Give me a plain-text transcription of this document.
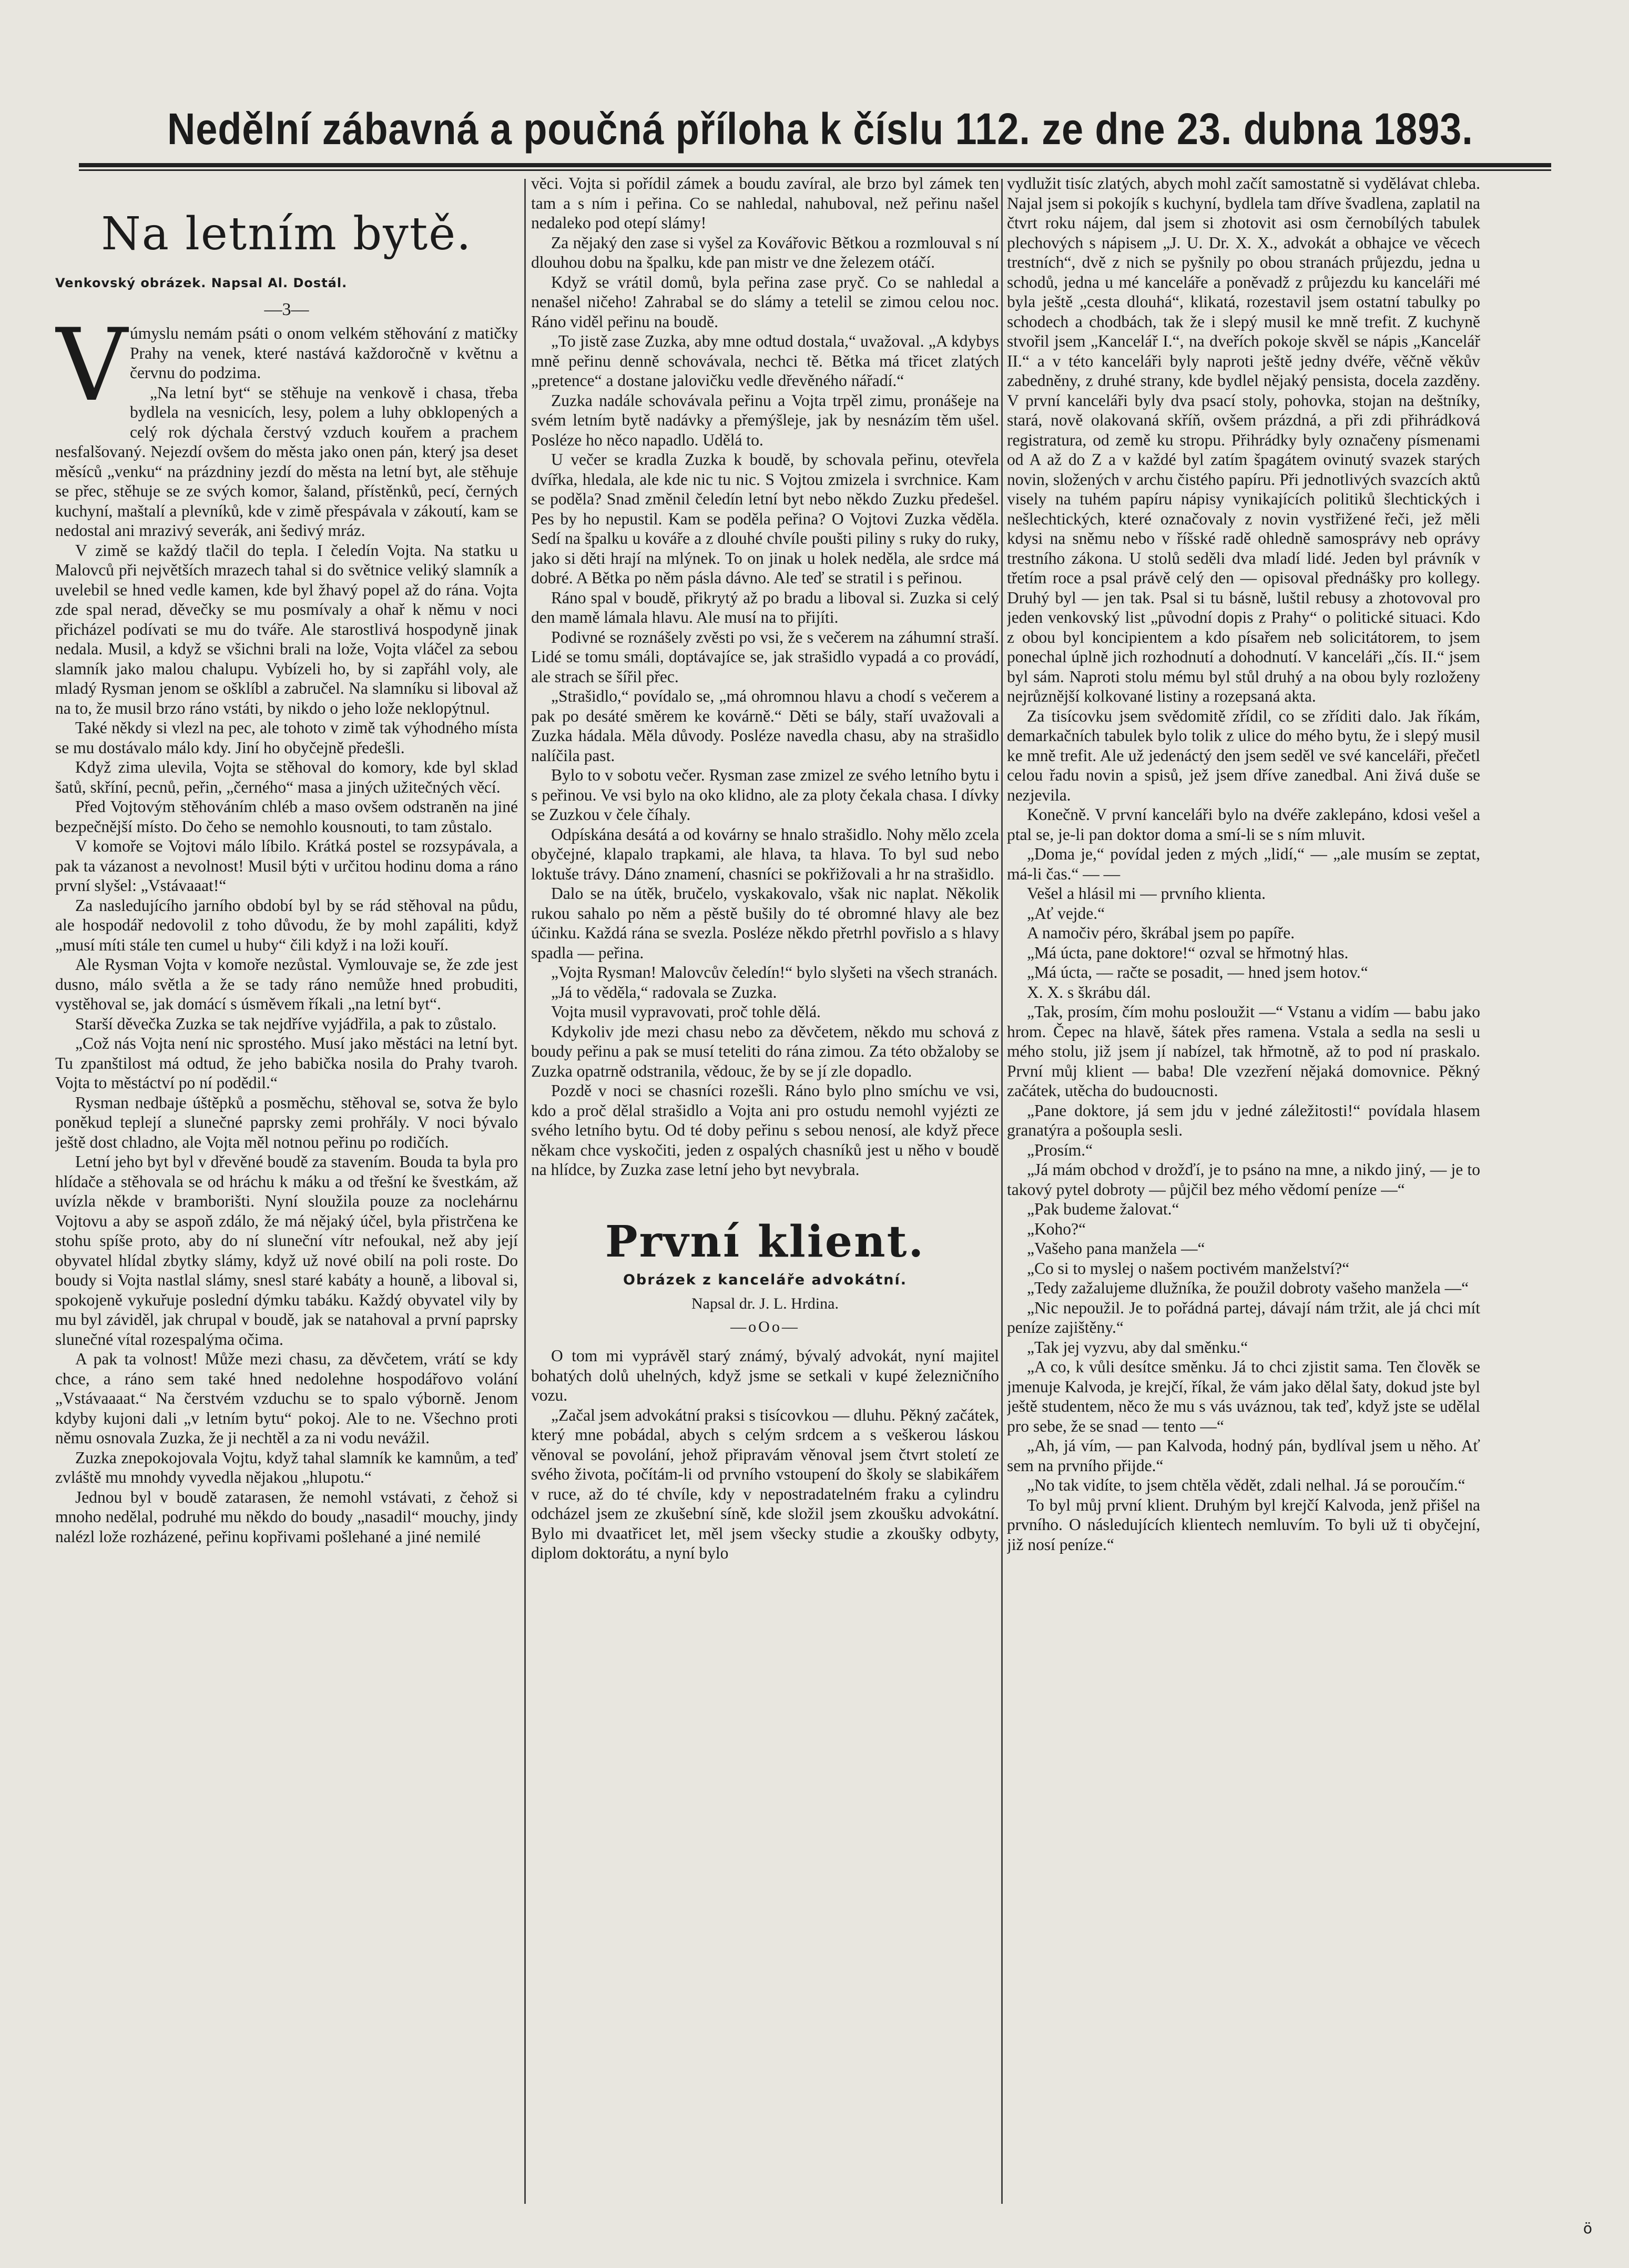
Nedělní zábavná a poučná příloha k číslu 112. ze dne 23. dubna 1893.
Na letním bytě.
Venkovský obrázek. Napsal Al. Dostál.
—3—
V úmyslu nemám psáti o onom velkém stěhování z matičky Prahy na venek, které nastává každoročně v květnu a červnu do podzima.

„Na letní byt“ se stěhuje na venkově i chasa, třeba bydlela na vesnicích, lesy, polem a luhy obklopených a celý rok dýchala čerstvý vzduch kouřem a prachem nesfalšovaný. Nejezdí ovšem do města jako onen pán, který jsa deset měsíců „venku“ na prázdniny jezdí do města na letní byt, ale stěhuje se přec, stěhuje se ze svých komor, šaland, přístěnků, pecí, černých kuchyní, maštalí a plevníků, kde v zimě přespávala v zákoutí, kam se nedostal ani mrazivý severák, ani šedivý mráz.

V zimě se každý tlačil do tepla. I čeledín Vojta. Na statku u Malovců při největších mrazech tahal si do světnice veliký slamník a uvelebil se hned vedle kamen, kde byl žhavý popel až do rána. Vojta zde spal nerad, děvečky se mu posmívaly a ohař k němu v noci přicházel podívati se mu do tváře. Ale starostlivá hospodyně jinak nedala. Musil, a když se všichni brali na lože, Vojta vláčel za sebou slamník jako malou chalupu. Vybízeli ho, by si zapřáhl voly, ale mladý Rysman jenom se ošklíbl a zabručel. Na slamníku si liboval až na to, že musil brzo ráno vstáti, by nikdo o jeho lože neklopýtnul.

Také někdy si vlezl na pec, ale tohoto v zimě tak výhodného místa se mu dostávalo málo kdy. Jiní ho obyčejně předešli.

Když zima ulevila, Vojta se stěhoval do komory, kde byl sklad šatů, skříní, pecnů, peřin, „černého“ masa a jiných užitečných věcí.

Před Vojtovým stěhováním chléb a maso ovšem odstraněn na jiné bezpečnější místo. Do čeho se nemohlo kousnouti, to tam zůstalo.

V komoře se Vojtovi málo líbilo. Krátká postel se rozsypávala, a pak ta vázanost a nevolnost! Musil býti v určitou hodinu doma a ráno první slyšel: „Vstávaaat!“

Za nasledujícího jarního období byl by se rád stěhoval na půdu, ale hospodář nedovolil z toho důvodu, že by mohl zapáliti, když „musí míti stále ten cumel u huby“ čili když i na loži kouří.

Ale Rysman Vojta v komoře nezůstal. Vymlouvaje se, že zde jest dusno, málo světla a že se tady ráno nemůže hned probuditi, vystěhoval se, jak domácí s úsměvem říkali „na letní byt“.

Starší děvečka Zuzka se tak nejdříve vyjádřila, a pak to zůstalo.

„Což nás Vojta není nic sprostého. Musí jako městáci na letní byt. Tu zpanštilost má odtud, že jeho babička nosila do Prahy tvaroh. Vojta to městáctví po ní podědil.“

Rysman nedbaje úštěpků a posměchu, stěhoval se, sotva že bylo poněkud teplejí a slunečné paprsky zemi prohřály. V noci bývalo ještě dost chladno, ale Vojta měl notnou peřinu po rodičích.

Letní jeho byt byl v dřevěné boudě za stavením. Bouda ta byla pro hlídače a stěhovala se od hráchu k máku a od třešní ke švestkám, až uvízla někde v bramborišti. Nyní sloužila pouze za noclehárnu Vojtovu a aby se aspoň zdálo, že má nějaký účel, byla přistrčena ke stohu spíše proto, aby do ní sluneční vítr nefoukal, než aby její obyvatel hlídal zbytky slámy, když už nové obilí na poli roste. Do boudy si Vojta nastlal slámy, snesl staré kabáty a houně, a liboval si, spokojeně vykuřuje poslední dýmku tabáku. Každý obyvatel vily by mu byl záviděl, jak chrupal v boudě, jak se natahoval a první paprsky slunečné vítal rozespalýma očima.

A pak ta volnost! Může mezi chasu, za děvčetem, vrátí se kdy chce, a ráno sem také hned nedolehne hospodářovo volání „Vstávaaaat.“ Na čerstvém vzduchu se to spalo výborně. Jenom kdyby kujoni dali „v letním bytu“ pokoj. Ale to ne. Všechno proti němu osnovala Zuzka, že ji nechtěl a za ni vodu nevážil.

Zuzka znepokojovala Vojtu, když tahal slamník ke kamnům, a teď zvláště mu mnohdy vyvedla nějakou „hlupotu.“

Jednou byl v boudě zatarasen, že nemohl vstávati, z čehož si mnoho nedělal, podruhé mu někdo do boudy „nasadil“ mouchy, jindy nalézl lože rozházené, peřinu kopřivami pošlehané a jiné nemilé

věci. Vojta si pořídil zámek a boudu zavíral, ale brzo byl zámek ten tam a s ním i peřina. Co se nahledal, nahuboval, než peřinu našel nedaleko pod otepí slámy!

Za nějaký den zase si vyšel za Kovářovic Bětkou a rozmlouval s ní dlouhou dobu na špalku, kde pan mistr ve dne železem otáčí.

Když se vrátil domů, byla peřina zase pryč. Co se nahledal a nenašel ničeho! Zahrabal se do slámy a tetelil se zimou celou noc. Ráno viděl peřinu na boudě.

„To jistě zase Zuzka, aby mne odtud dostala,“ uvažoval. „A kdybys mně peřinu denně schovávala, nechci tě. Bětka má třicet zlatých „pretence“ a dostane jalovičku vedle dřevěného nářadí.“

Zuzka nadále schovávala peřinu a Vojta trpěl zimu, pronášeje na svém letním bytě nadávky a přemýšleje, jak by nesnázím těm ušel. Posléze ho něco napadlo. Udělá to.

U večer se kradla Zuzka k boudě, by schovala peřinu, otevřela dvířka, hledala, ale kde nic tu nic. S Vojtou zmizela i svrchnice. Kam se poděla? Snad změnil čeledín letní byt nebo někdo Zuzku předešel. Pes by ho nepustil. Kam se poděla peřina? O Vojtovi Zuzka věděla. Sedí na špalku u kováře a z dlouhé chvíle poušti piliny s ruky do ruky, jako si děti hrají na mlýnek. To on jinak u holek neděla, ale srdce má dobré. A Bětka po něm pásla dávno. Ale teď se stratil i s peřinou.

Ráno spal v boudě, přikrytý až po bradu a liboval si. Zuzka si celý den mamě lámala hlavu. Ale musí na to přijíti.

Podivné se roznášely zvěsti po vsi, že s večerem na záhumní straší. Lidé se tomu smáli, doptávajíce se, jak strašidlo vypadá a co provádí, ale strach se šířil přec.

„Strašidlo,“ povídalo se, „má ohromnou hlavu a chodí s večerem a pak po desáté směrem ke kovárně.“ Děti se bály, staří uvažovali a Zuzka hádala. Měla důvody. Posléze navedla chasu, aby na strašidlo nalíčila past.

Bylo to v sobotu večer. Rysman zase zmizel ze svého letního bytu i s peřinou. Ve vsi bylo na oko klidno, ale za ploty čekala chasa. I dívky se Zuzkou v čele číhaly.

Odpískána desátá a od kovárny se hnalo strašidlo. Nohy mělo zcela obyčejné, klapalo trapkami, ale hlava, ta hlava. To byl sud nebo loktuše trávy. Dáno znamení, chasníci se pokřižovali a hr na strašidlo.

Dalo se na útěk, bručelo, vyskakovalo, však nic naplat. Několik rukou sahalo po něm a pěstě bušily do té obromné hlavy ale bez účinku. Každá rána se svezla. Posléze někdo přetrhl povřislo a s hlavy spadla — peřina.

„Vojta Rysman! Malovcův čeledín!“ bylo slyšeti na všech stranách.

„Já to věděla,“ radovala se Zuzka.

Vojta musil vypravovati, proč tohle dělá.

Kdykoliv jde mezi chasu nebo za děvčetem, někdo mu schová z boudy peřinu a pak se musí teteliti do rána zimou. Za této obžaloby se Zuzka opatrně odstranila, vědouc, že by se jí zle dopadlo.

Pozdě v noci se chasníci rozešli. Ráno bylo plno smíchu ve vsi, kdo a proč dělal strašidlo a Vojta ani pro ostudu nemohl vyjézti ze svého letního bytu. Od té doby peřinu s sebou nenosí, ale když přece někam chce vyskočiti, jeden z ospalých chasníků jest u něho v boudě na hlídce, by Zuzka zase letní jeho byt nevybrala.

První klient.
Obrázek z kanceláře advokátní.
Napsal dr. J. L. Hrdina.
—oOo—

O tom mi vyprávěl starý známý, bývalý advokát, nyní majitel bohatých dolů uhelných, když jsme se setkali v kupé železničního vozu.

„Začal jsem advokátní praksi s tisícovkou — dluhu. Pěkný začátek, který mne pobádal, abych s celým srdcem a s veškerou láskou věnoval se povolání, jehož připravám věnoval jsem čtvrt století ze svého života, počítám-li od prvního vstoupení do školy se slabikářem v ruce, až do té chvíle, kdy v nepostradatelném fraku a cylindru odcházel jsem ze zkušební síně, kde složil jsem zkoušku advokátní. Bylo mi dvaatřicet let, měl jsem všecky studie a zkoušky odbyty, diplom doktorátu, a nyní bylo

vydlužit tisíc zlatých, abych mohl začít samostatně si vydělávat chleba. Najal jsem si pokojík s kuchyní, bydlela tam dříve švadlena, zaplatil na čtvrt roku nájem, dal jsem si zhotovit asi osm černobílých tabulek plechových s nápisem „J. U. Dr. X. X., advokát a obhajce ve věcech trestních“, dvě z nich se pyšnily po obou stranách průjezdu, jedna u schodů, jedna u mé kanceláře a poněvadž z průjezdu ku kanceláři mé byla ještě „cesta dlouhá“, klikatá, rozestavil jsem ostatní tabulky po schodech a chodbách, tak že i slepý musil ke mně trefit. Z kuchyně stvořil jsem „Kancelář I.“, na dveřích pokoje skvěl se nápis „Kancelář II.“ a v této kanceláři byly naproti ještě jedny dvéře, věčně věkův zabedněny, z druhé strany, kde bydlel nějaký pensista, docela zazděny. V první kanceláři byly dva psací stoly, pohovka, stojan na deštníky, stará, nově olakovaná skříň, ovšem prázdná, a při zdi přihrádková registratura, od země ku stropu. Přihrádky byly označeny písmenami od A až do Z a v každé byl zatím špagátem ovinutý svazek starých novin, složených v archu čistého papíru. Při jednotlivých svazcích aktů visely na tuhém papíru nápisy vynikajících politiků šlechtických i nešlechtických, které označovaly z novin vystřižené řeči, jež měli kdysi na sněmu nebo v říšské radě ohledně samosprávy neb oprávy trestního zákona. U stolů seděli dva mladí lidé. Jeden byl právník v třetím roce a psal právě celý den — opisoval přednášky pro kollegy. Druhý byl — jen tak. Psal si tu básně, luštil rebusy a zhotovoval pro jeden venkovský list „původní dopis z Prahy“ o politické situaci. Kdo z obou byl koncipientem a kdo písařem neb solicitátorem, to jsem ponechal úplně jich rozhodnutí a dohodnutí. V kanceláři „čís. II.“ jsem byl sám. Naproti stolu mému byl stůl druhý a na obou byly rozloženy nejrůznější kolkované listiny a rozepsaná akta.

Za tisícovku jsem svědomitě zřídil, co se zříditi dalo. Jak říkám, demarkačních tabulek bylo tolik z ulice do mého bytu, že i slepý musil ke mně trefit. Ale už jedenáctý den jsem seděl ve své kanceláři, přečetl celou řadu novin a spisů, jež jsem dříve zanedbal. Ani živá duše se nezjevila.

Konečně. V první kanceláři bylo na dvéře zaklepáno, kdosi vešel a ptal se, je-li pan doktor doma a smí-li se s ním mluvit.

„Doma je,“ povídal jeden z mých „lidí,“ — „ale musím se zeptat, má-li čas.“ — —

Vešel a hlásil mi — prvního klienta.

„Ať vejde.“

A namočiv péro, škrábal jsem po papíře.

„Má úcta, pane doktore!“ ozval se hřmotný hlas.

„Má úcta, — račte se posadit, — hned jsem hotov.“

X. X. s škrábu dál.

„Tak, prosím, čím mohu posloužit —“ Vstanu a vidím — babu jako hrom. Čepec na hlavě, šátek přes ramena. Vstala a sedla na sesli u mého stolu, již jsem jí nabízel, tak hřmotně, až to pod ní praskalo. První můj klient — baba! Dle vzezření nějaká domovnice. Pěkný začátek, utěcha do budoucnosti.

„Pane doktore, já sem jdu v jedné záležitosti!“ povídala hlasem granatýra a pošoupla sesli.

„Prosím.“

„Já mám obchod v drožďí, je to psáno na mne, a nikdo jiný, — je to takový pytel dobroty — půjčil bez mého vědomí peníze —“

„Pak budeme žalovat.“

„Koho?“

„Vašeho pana manžela —“

„Co si to myslej o našem poctivém manželství?“

„Tedy zažalujeme dlužníka, že použil dobroty vašeho manžela —“

„Nic nepoužil. Je to pořádná partej, dávají nám tržit, ale já chci mít peníze zajištěny.“

„Tak jej vyzvu, aby dal směnku.“

„A co, k vůli desítce směnku. Já to chci zjistit sama. Ten člověk se jmenuje Kalvoda, je krejčí, říkal, že vám jako dělal šaty, dokud jste byl ještě studentem, něco že mu s vás uváznou, tak teď, když jste se udělal pro sebe, že se snad — tento —“

„Ah, já vím, — pan Kalvoda, hodný pán, bydlíval jsem u něho. Ať sem na prvního přijde.“

„No tak vidíte, to jsem chtěla vědět, zdali nelhal. Já se poroučím.“

To byl můj první klient. Druhým byl krejčí Kalvoda, jenž přišel na prvního. O následujících klientech nemluvím. To byli už ti obyčejní, již nosí peníze.“

ö
